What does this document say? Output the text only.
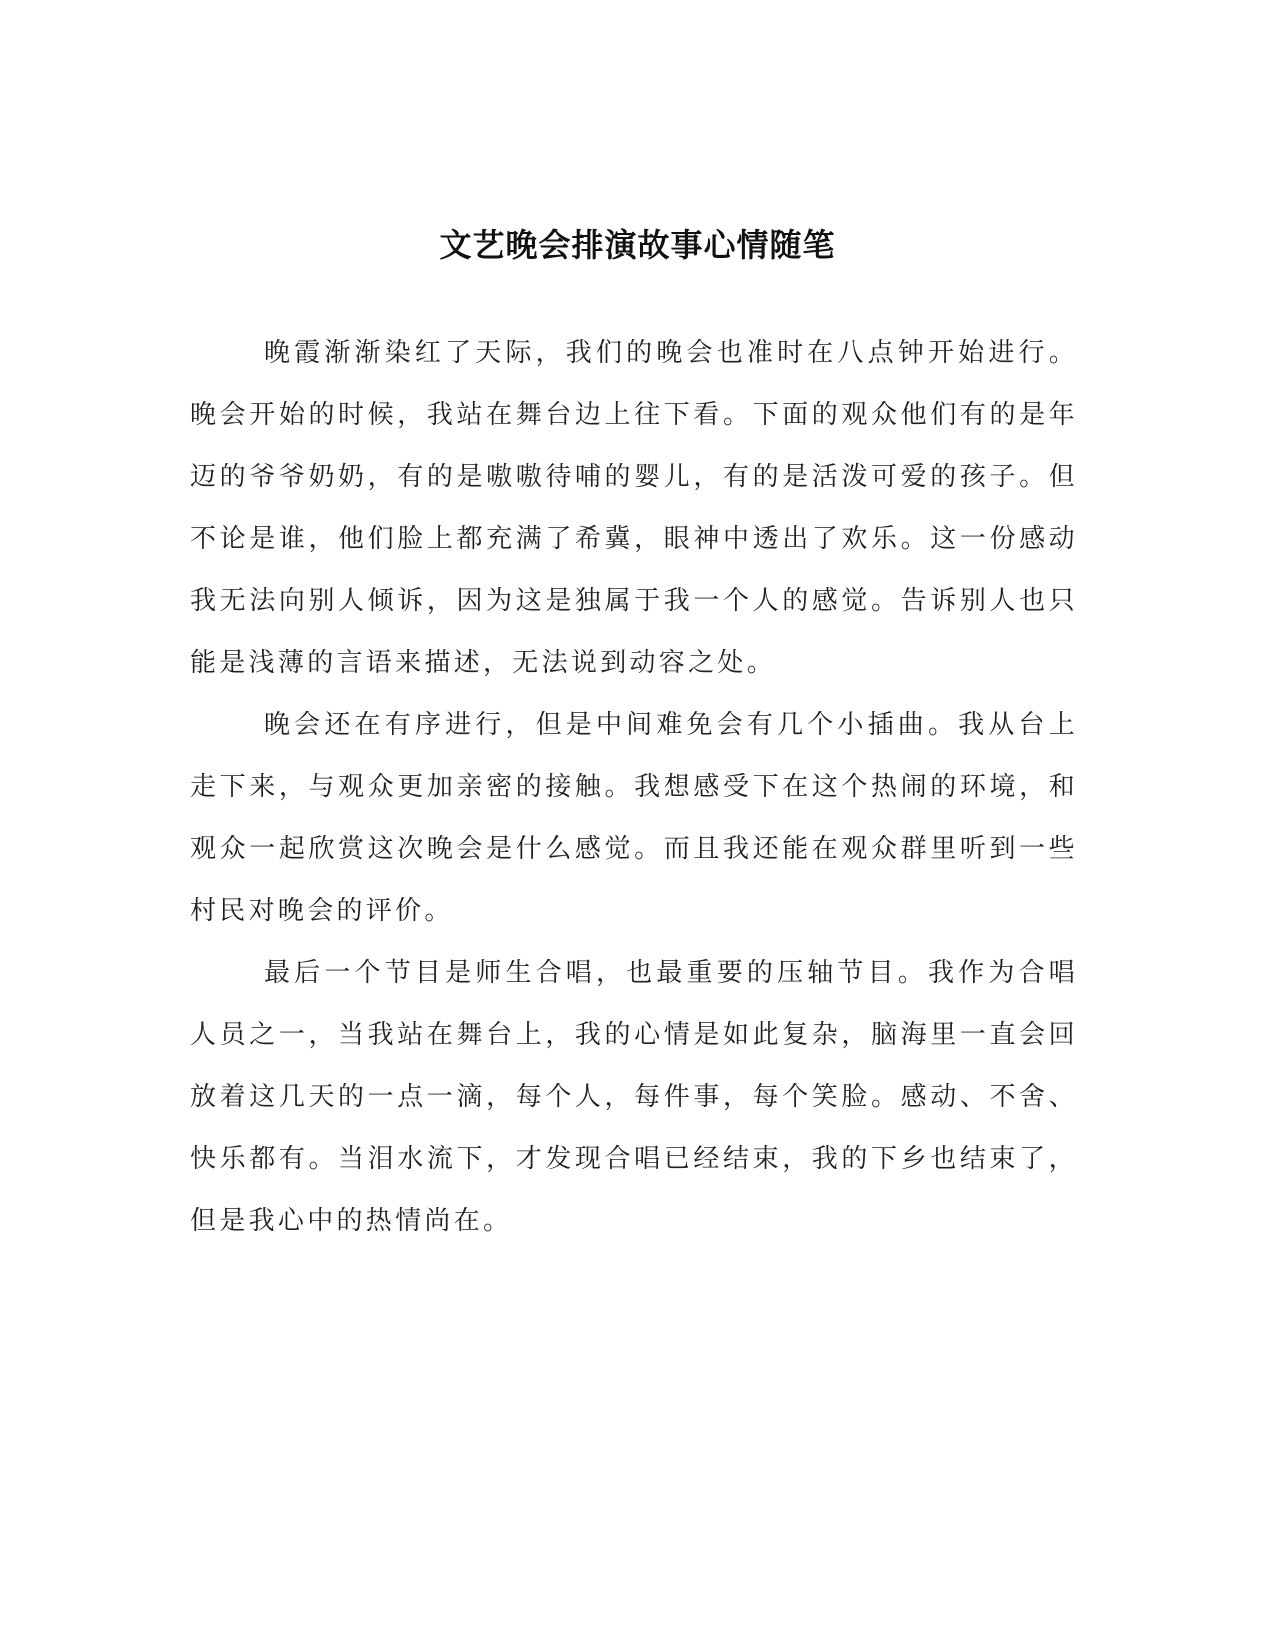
文艺晚会排演故事心情随笔

晚霞渐渐染红了天际，我们的晚会也准时在八点钟开始进行。晚会开始的时候，我站在舞台边上往下看。下面的观众他们有的是年迈的爷爷奶奶，有的是嗷嗷待哺的婴儿，有的是活泼可爱的孩子。但不论是谁，他们脸上都充满了希冀，眼神中透出了欢乐。这一份感动我无法向别人倾诉，因为这是独属于我一个人的感觉。告诉别人也只能是浅薄的言语来描述，无法说到动容之处。

晚会还在有序进行，但是中间难免会有几个小插曲。我从台上走下来，与观众更加亲密的接触。我想感受下在这个热闹的环境，和观众一起欣赏这次晚会是什么感觉。而且我还能在观众群里听到一些村民对晚会的评价。

最后一个节目是师生合唱，也最重要的压轴节目。我作为合唱人员之一，当我站在舞台上，我的心情是如此复杂，脑海里一直会回放着这几天的一点一滴，每个人，每件事，每个笑脸。感动、不舍、快乐都有。当泪水流下，才发现合唱已经结束，我的下乡也结束了，但是我心中的热情尚在。
